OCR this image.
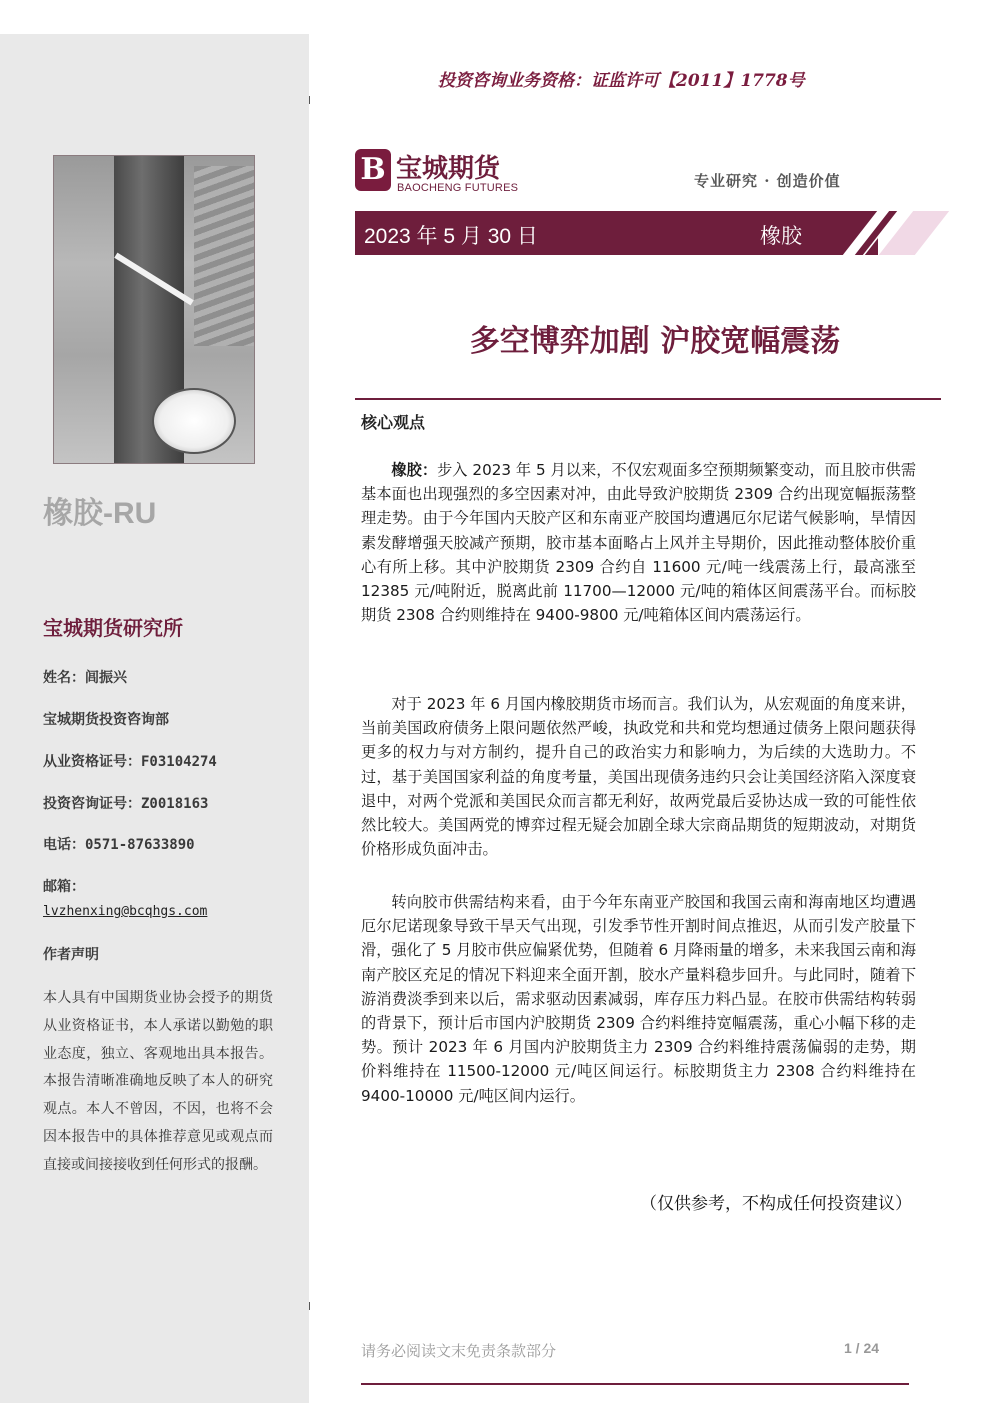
橡胶-RU
宝城期货研究所
姓名：闾振兴
宝城期货投资咨询部
从业资格证号：F03104274
投资咨询证号：Z0018163
电话：0571-87633890
邮箱：
lvzhenxing@bcqhgs.com
作者声明
本人具有中国期货业协会授予的期货从业资格证书，本人承诺以勤勉的职业态度，独立、客观地出具本报告。本报告清晰准确地反映了本人的研究观点。本人不曾因，不因，也将不会因本报告中的具体推荐意见或观点而直接或间接接收到任何形式的报酬。
投资咨询业务资格：证监许可【2011】1778号
B 宝城期货
BAOCHENG FUTURES	专业研究 · 创造价值
2023 年 5 月 30 日	橡胶
多空博弈加剧 沪胶宽幅震荡
核心观点

橡胶：步入 2023 年 5 月以来，不仅宏观面多空预期频繁变动，而且胶市供需基本面也出现强烈的多空因素对冲，由此导致沪胶期货 2309 合约出现宽幅振荡整理走势。由于今年国内天胶产区和东南亚产胶国均遭遇厄尔尼诺气候影响，旱情因素发酵增强天胶减产预期，胶市基本面略占上风并主导期价，因此推动整体胶价重心有所上移。其中沪胶期货 2309 合约自 11600 元/吨一线震荡上行，最高涨至 12385 元/吨附近，脱离此前 11700—12000 元/吨的箱体区间震荡平台。而标胶期货 2308 合约则维持在 9400-9800 元/吨箱体区间内震荡运行。

对于 2023 年 6 月国内橡胶期货市场而言。我们认为，从宏观面的角度来讲，当前美国政府债务上限问题依然严峻，执政党和共和党均想通过债务上限问题获得更多的权力与对方制约，提升自己的政治实力和影响力，为后续的大选助力。不过，基于美国国家利益的角度考量，美国出现债务违约只会让美国经济陷入深度衰退中，对两个党派和美国民众而言都无利好，故两党最后妥协达成一致的可能性依然比较大。美国两党的博弈过程无疑会加剧全球大宗商品期货的短期波动，对期货价格形成负面冲击。

转向胶市供需结构来看，由于今年东南亚产胶国和我国云南和海南地区均遭遇厄尔尼诺现象导致干旱天气出现，引发季节性开割时间点推迟，从而引发产胶量下滑，强化了 5 月胶市供应偏紧优势，但随着 6 月降雨量的增多，未来我国云南和海南产胶区充足的情况下料迎来全面开割，胶水产量料稳步回升。与此同时，随着下游消费淡季到来以后，需求驱动因素减弱，库存压力料凸显。在胶市供需结构转弱的背景下，预计后市国内沪胶期货 2309 合约料维持宽幅震荡，重心小幅下移的走势。预计 2023 年 6 月国内沪胶期货主力 2309 合约料维持震荡偏弱的走势，期价料维持在 11500-12000 元/吨区间运行。标胶期货主力 2308 合约料维持在 9400-10000 元/吨区间内运行。

（仅供参考，不构成任何投资建议）
请务必阅读文末免责条款部分	1 / 24
